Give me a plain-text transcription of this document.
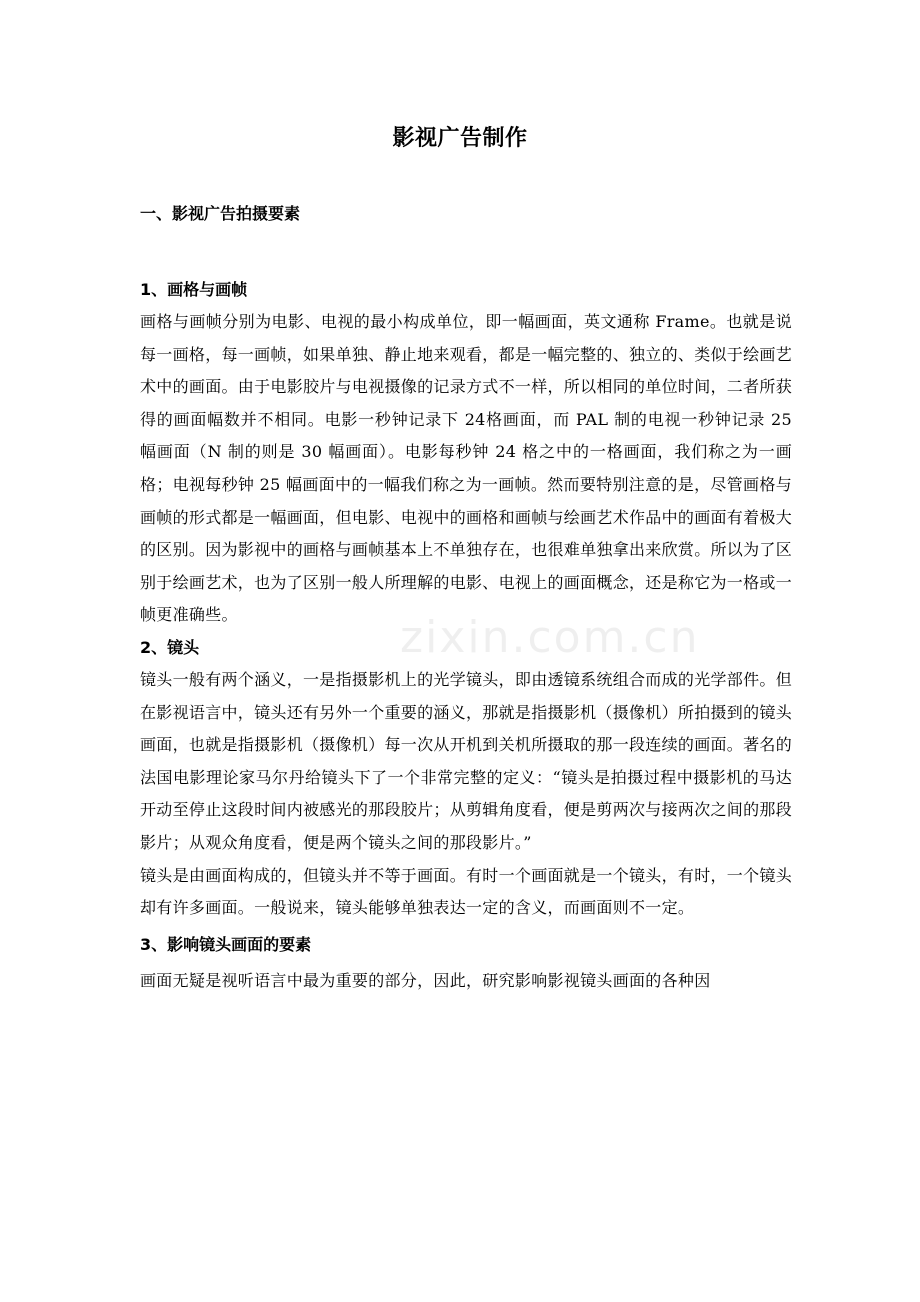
zixin.com.cn
影视广告制作

一、影视广告拍摄要素

1、画格与画帧

画格与画帧分别为电影、电视的最小构成单位，即一幅画面，英文通称 Frame。也就是说每一画格，每一画帧，如果单独、静止地来观看，都是一幅完整的、独立的、类似于绘画艺术中的画面。由于电影胶片与电视摄像的记录方式不一样，所以相同的单位时间，二者所获得的画面幅数并不相同。电影一秒钟记录下 24格画面，而 PAL 制的电视一秒钟记录 25 幅画面（N 制的则是 30 幅画面）。电影每秒钟 24 格之中的一格画面，我们称之为一画格；电视每秒钟 25 幅画面中的一幅我们称之为一画帧。然而要特别注意的是，尽管画格与画帧的形式都是一幅画面，但电影、电视中的画格和画帧与绘画艺术作品中的画面有着极大的区别。因为影视中的画格与画帧基本上不单独存在，也很难单独拿出来欣赏。所以为了区别于绘画艺术，也为了区别一般人所理解的电影、电视上的画面概念，还是称它为一格或一帧更准确些。

2、镜头

镜头一般有两个涵义，一是指摄影机上的光学镜头，即由透镜系统组合而成的光学部件。但在影视语言中，镜头还有另外一个重要的涵义，那就是指摄影机（摄像机）所拍摄到的镜头画面，也就是指摄影机（摄像机）每一次从开机到关机所摄取的那一段连续的画面。著名的法国电影理论家马尔丹给镜头下了一个非常完整的定义：“镜头是拍摄过程中摄影机的马达开动至停止这段时间内被感光的那段胶片；从剪辑角度看，便是剪两次与接两次之间的那段影片；从观众角度看，便是两个镜头之间的那段影片。”

镜头是由画面构成的，但镜头并不等于画面。有时一个画面就是一个镜头，有时，一个镜头却有许多画面。一般说来，镜头能够单独表达一定的含义，而画面则不一定。

3、影响镜头画面的要素

画面无疑是视听语言中最为重要的部分，因此，研究影响影视镜头画面的各种因
